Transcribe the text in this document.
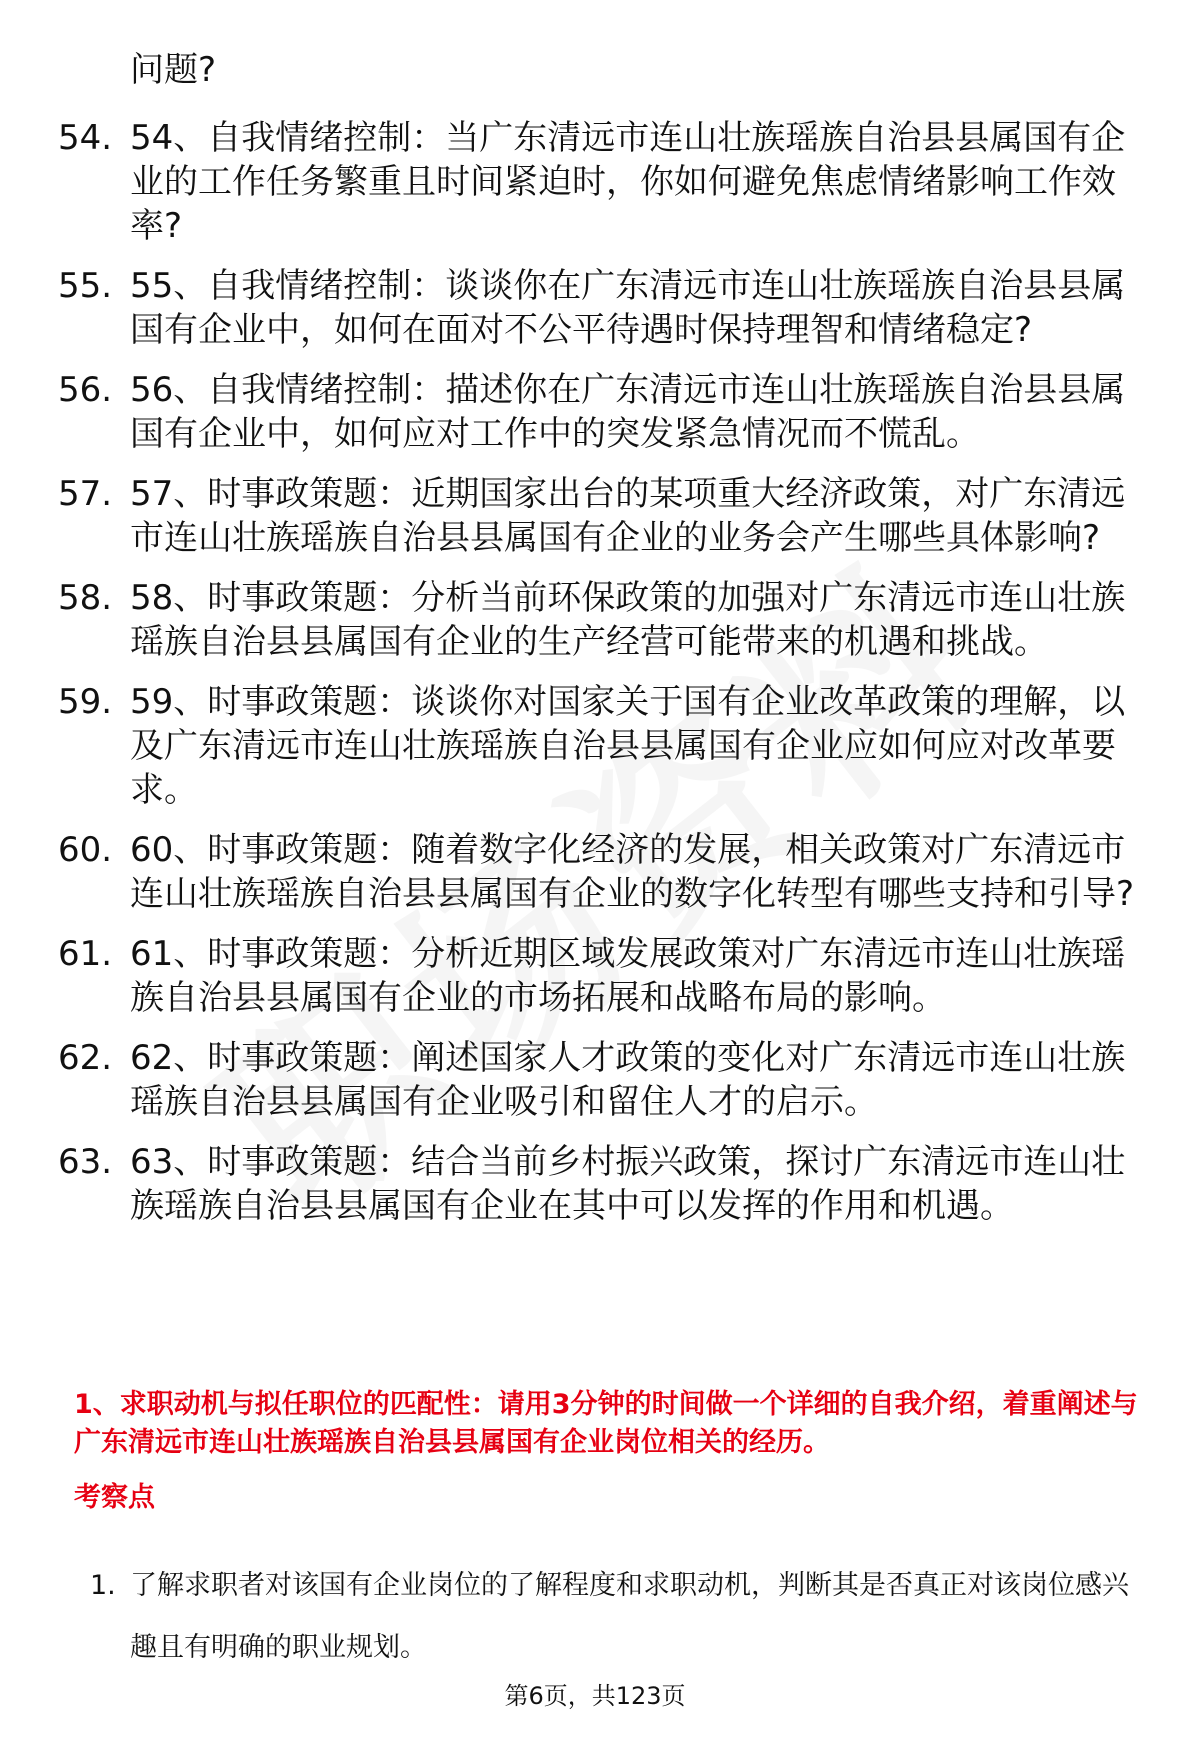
问题?
54. 54、自我情绪控制：当广东清远市连山壮族瑶族自治县县属国有企业的工作任务繁重且时间紧迫时，你如何避免焦虑情绪影响工作效率?
55. 55、自我情绪控制：谈谈你在广东清远市连山壮族瑶族自治县县属国有企业中，如何在面对不公平待遇时保持理智和情绪稳定?
56. 56、自我情绪控制：描述你在广东清远市连山壮族瑶族自治县县属国有企业中，如何应对工作中的突发紧急情况而不慌乱。
57. 57、时事政策题：近期国家出台的某项重大经济政策，对广东清远市连山壮族瑶族自治县县属国有企业的业务会产生哪些具体影响?
58. 58、时事政策题：分析当前环保政策的加强对广东清远市连山壮族瑶族自治县县属国有企业的生产经营可能带来的机遇和挑战。
59. 59、时事政策题：谈谈你对国家关于国有企业改革政策的理解，以及广东清远市连山壮族瑶族自治县县属国有企业应如何应对改革要求。
60. 60、时事政策题：随着数字化经济的发展，相关政策对广东清远市连山壮族瑶族自治县县属国有企业的数字化转型有哪些支持和引导?
61. 61、时事政策题：分析近期区域发展政策对广东清远市连山壮族瑶族自治县县属国有企业的市场拓展和战略布局的影响。
62. 62、时事政策题：阐述国家人才政策的变化对广东清远市连山壮族瑶族自治县县属国有企业吸引和留住人才的启示。
63. 63、时事政策题：结合当前乡村振兴政策，探讨广东清远市连山壮族瑶族自治县县属国有企业在其中可以发挥的作用和机遇。
1、求职动机与拟任职位的匹配性：请用3分钟的时间做一个详细的自我介绍，着重阐述与广东清远市连山壮族瑶族自治县县属国有企业岗位相关的经历。
考察点
1. 了解求职者对该国有企业岗位的了解程度和求职动机，判断其是否真正对该岗位感兴趣且有明确的职业规划。
第6页，共123页
